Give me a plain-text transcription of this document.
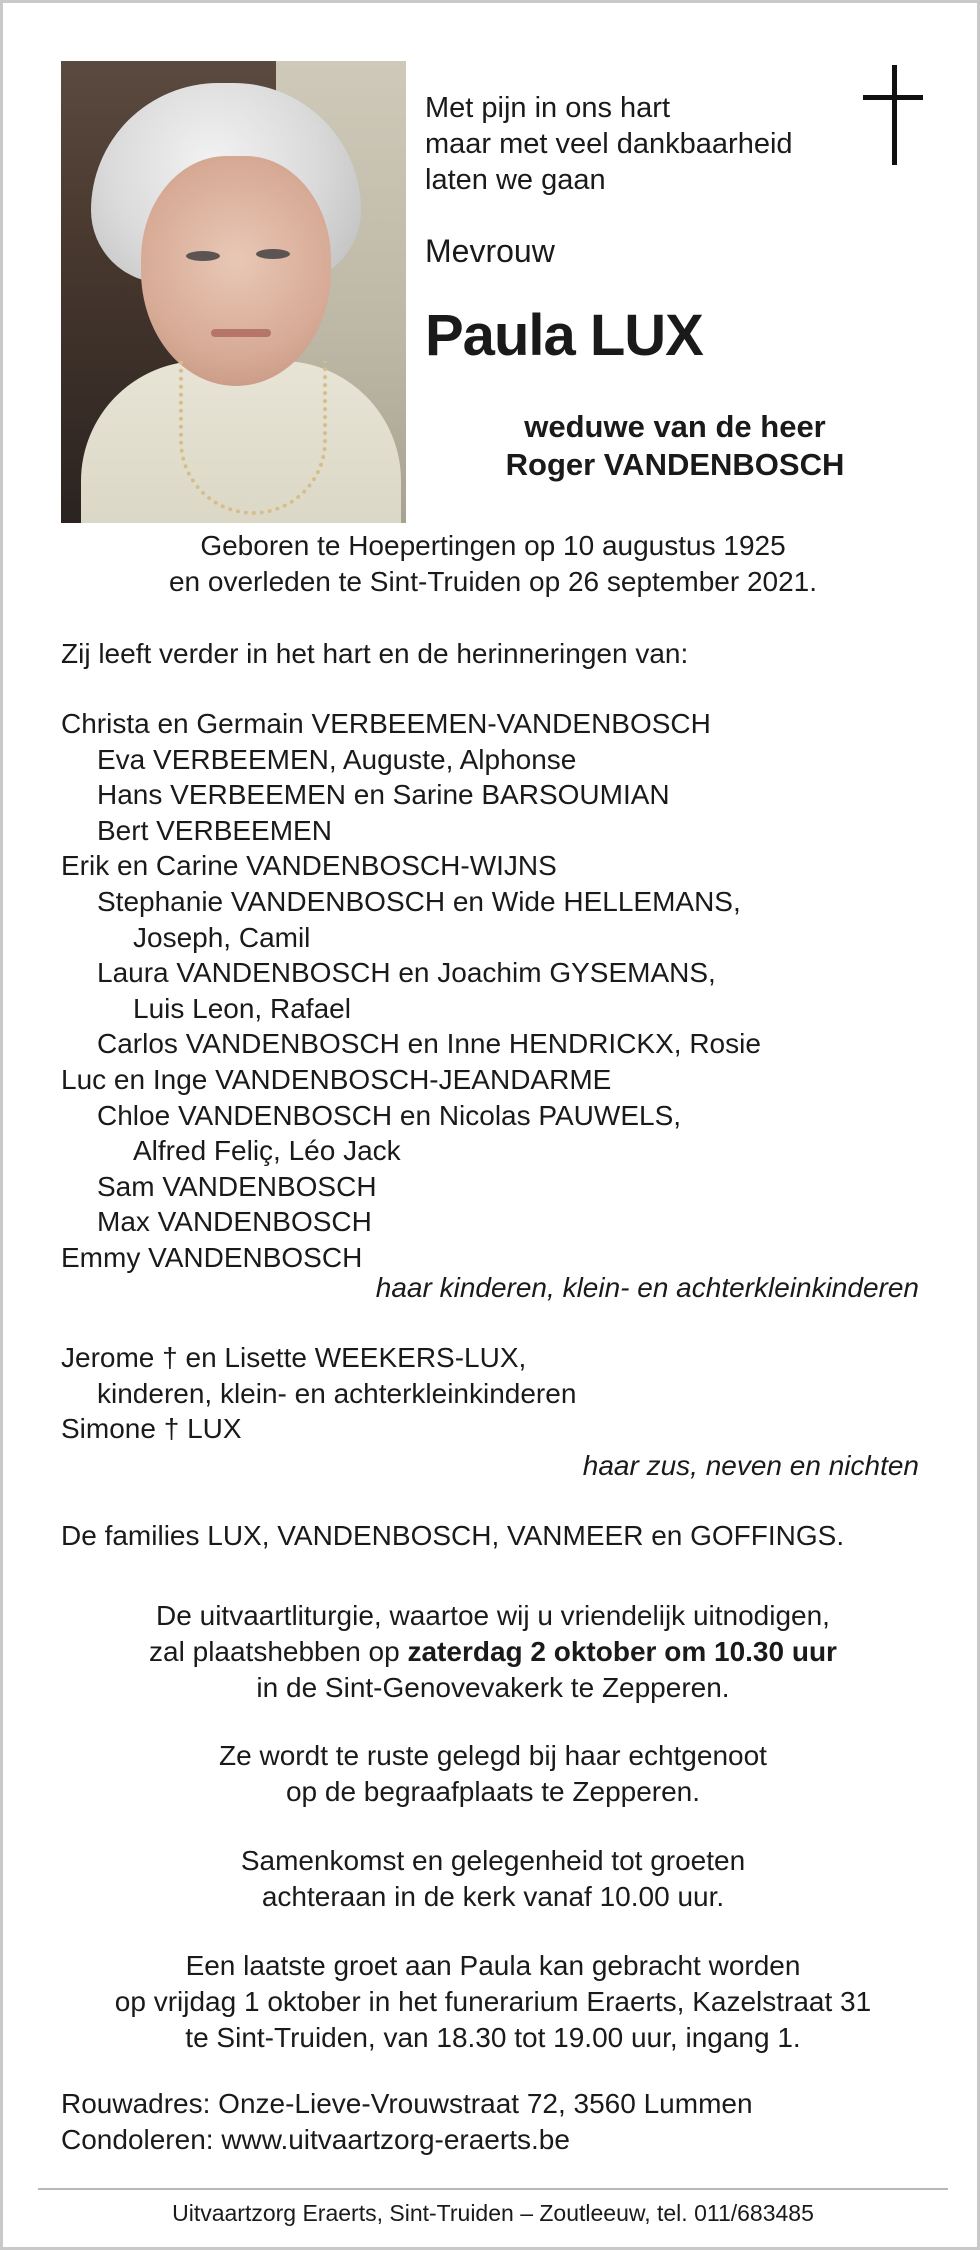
Met pijn in ons hart
maar met veel dankbaarheid
laten we gaan
Mevrouw
Paula LUX
weduwe van de heer
Roger VANDENBOSCH
Geboren te Hoepertingen op 10 augustus 1925
en overleden te Sint-Truiden op 26 september 2021.
Zij leeft verder in het hart en de herinneringen van:
Christa en Germain VERBEEMEN-VANDENBOSCH
Eva VERBEEMEN, Auguste, Alphonse
Hans VERBEEMEN en Sarine BARSOUMIAN
Bert VERBEEMEN
Erik en Carine VANDENBOSCH-WIJNS
Stephanie VANDENBOSCH en Wide HELLEMANS,
Joseph, Camil
Laura VANDENBOSCH en Joachim GYSEMANS,
Luis Leon, Rafael
Carlos VANDENBOSCH en Inne HENDRICKX, Rosie
Luc en Inge VANDENBOSCH-JEANDARME
Chloe VANDENBOSCH en Nicolas PAUWELS,
Alfred Feliç, Léo Jack
Sam VANDENBOSCH
Max VANDENBOSCH
Emmy VANDENBOSCH
haar kinderen, klein- en achterkleinkinderen
Jerome † en Lisette WEEKERS-LUX,
kinderen, klein- en achterkleinkinderen
Simone † LUX
haar zus, neven en nichten
De families LUX, VANDENBOSCH, VANMEER en GOFFINGS.
De uitvaartliturgie, waartoe wij u vriendelijk uitnodigen,
zal plaatshebben op zaterdag 2 oktober om 10.30 uur
in de Sint-Genovevakerk te Zepperen.
Ze wordt te ruste gelegd bij haar echtgenoot
op de begraafplaats te Zepperen.
Samenkomst en gelegenheid tot groeten
achteraan in de kerk vanaf 10.00 uur.
Een laatste groet aan Paula kan gebracht worden
op vrijdag 1 oktober in het funerarium Eraerts, Kazelstraat 31
te Sint-Truiden, van 18.30 tot 19.00 uur, ingang 1.
Rouwadres: Onze-Lieve-Vrouwstraat 72, 3560 Lummen
Condoleren: www.uitvaartzorg-eraerts.be
Uitvaartzorg Eraerts, Sint-Truiden – Zoutleeuw, tel. 011/683485
